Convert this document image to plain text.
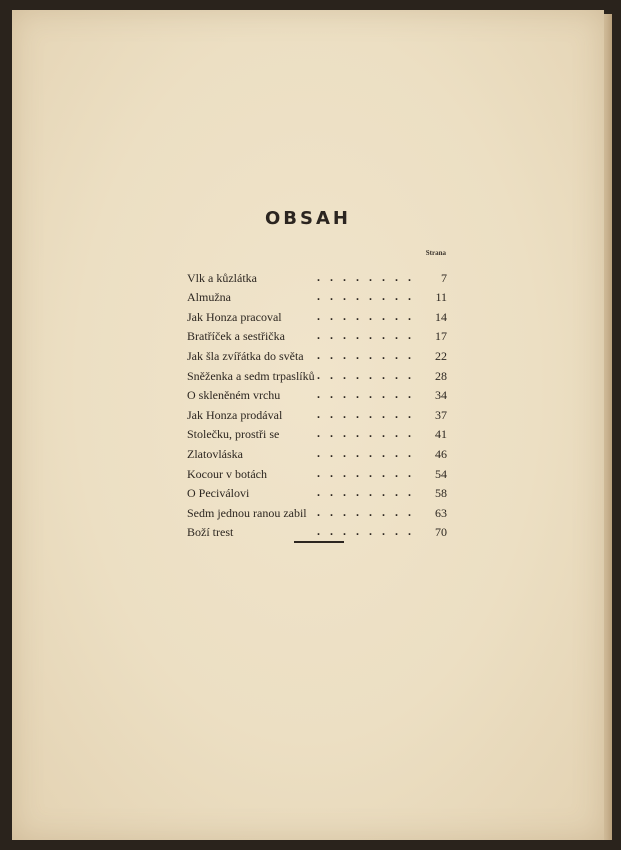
OBSAH
Strana
Vlk a kůzlátka	........	7
Almužna	........	11
Jak Honza pracoval	........	14
Bratříček a sestřička	........	17
Jak šla zvířátka do světa ........	22
Sněženka a sedm trpaslíků ........	28
O skleněném vrchu	........	34
Jak Honza prodával	........	37
Stolečku, prostři se	........	41
Zlatovláska	........	46
Kocour v botách	........	54
O Peciválovi	........	58
Sedm jednou ranou zabil ........	63
Boží trest	........	70
